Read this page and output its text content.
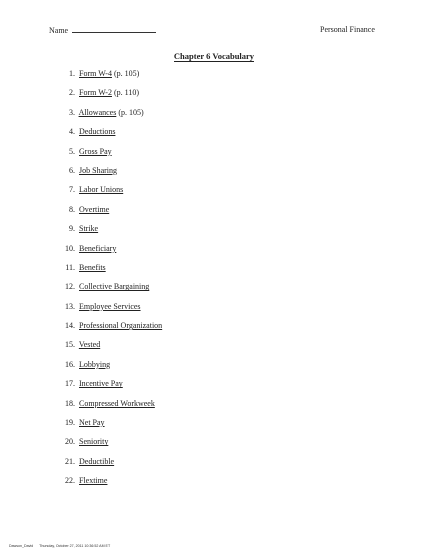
Name	Personal Finance
Chapter 6 Vocabulary
1. Form W-4 (p. 105)
2. Form W-2 (p. 110)
3. Allowances (p. 105)
4. Deductions
5. Gross Pay
6. Job Sharing
7. Labor Unions
8. Overtime
9. Strike
10. Beneficiary
11. Benefits
12. Collective Bargaining
13. Employee Services
14. Professional Organization
15. Vested
16. Lobbying
17. Incentive Pay
18. Compressed Workweek
19. Net Pay
20. Seniority
21. Deductible
22. Flextime
Dawson_David Thursday, October 27, 2011 10:36:52 AM ET
